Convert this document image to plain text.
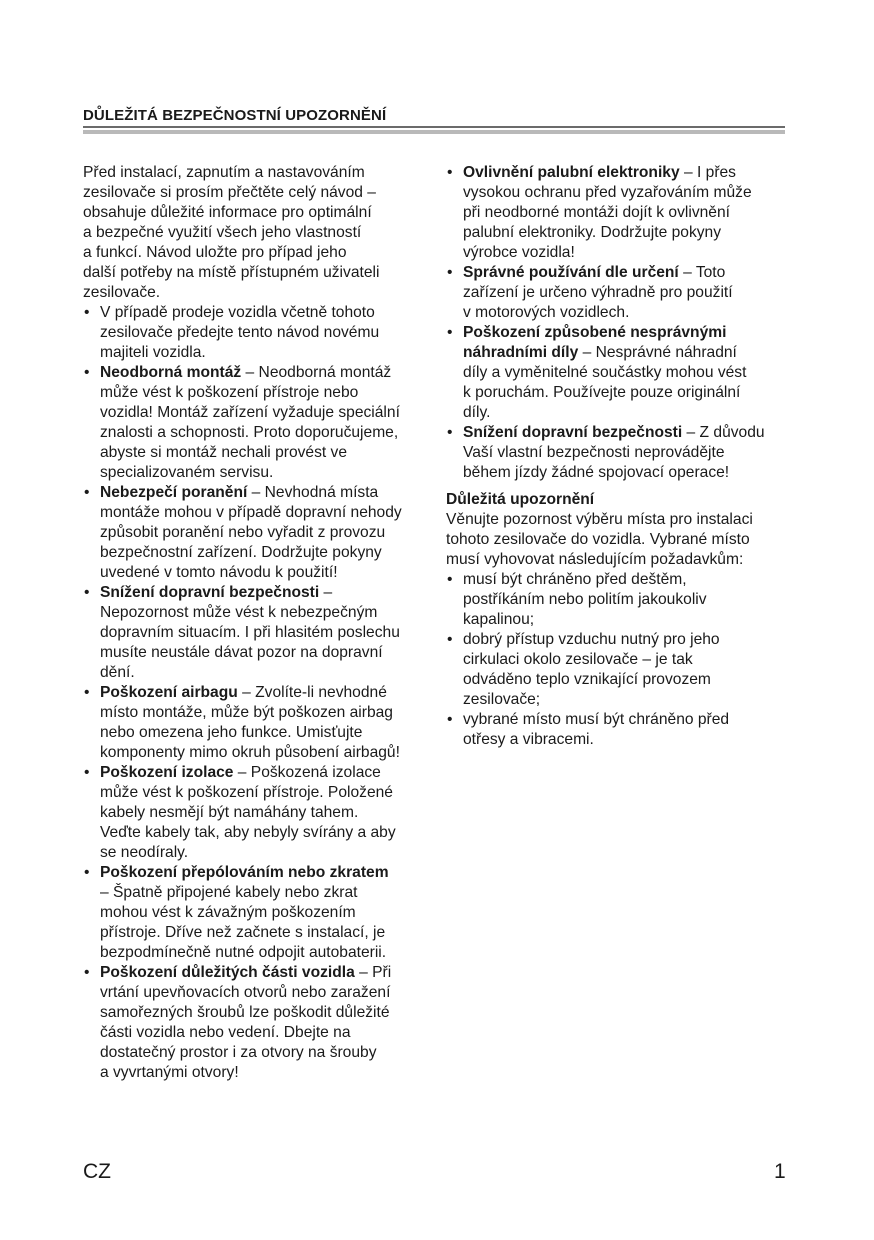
DŮLEŽITÁ BEZPEČNOSTNÍ UPOZORNĚNÍ

Před instalací, zapnutím a nastavováním
zesilovače si prosím přečtěte celý návod –
obsahuje důležité informace pro optimální
a bezpečné využití všech jeho vlastností
a funkcí. Návod uložte pro případ jeho
další potřeby na místě přístupném uživateli
zesilovače.

• V případě prodeje vozidla včetně tohoto
zesilovače předejte tento návod novému
majiteli vozidla.
• Neodborná montáž – Neodborná montáž
může vést k poškození přístroje nebo
vozidla! Montáž zařízení vyžaduje speciální
znalosti a schopnosti. Proto doporučujeme,
abyste si montáž nechali provést ve
specializovaném servisu.
• Nebezpečí poranění – Nevhodná místa
montáže mohou v případě dopravní nehody
způsobit poranění nebo vyřadit z provozu
bezpečnostní zařízení. Dodržujte pokyny
uvedené v tomto návodu k použití!
• Snížení dopravní bezpečnosti –
Nepozornost může vést k nebezpečným
dopravním situacím. I při hlasitém poslechu
musíte neustále dávat pozor na dopravní
dění.
• Poškození airbagu – Zvolíte-li nevhodné
místo montáže, může být poškozen airbag
nebo omezena jeho funkce. Umisťujte
komponenty mimo okruh působení airbagů!
• Poškození izolace – Poškozená izolace
může vést k poškození přístroje. Položené
kabely nesmějí být namáhány tahem.
Veďte kabely tak, aby nebyly svírány a aby
se neodíraly.
• Poškození přepólováním nebo zkratem
– Špatně připojené kabely nebo zkrat
mohou vést k závažným poškozením
přístroje. Dříve než začnete s instalací, je
bezpodmínečně nutné odpojit autobaterii.
• Poškození důležitých části vozidla – Při
vrtání upevňovacích otvorů nebo zaražení
samořezných šroubů lze poškodit důležité
části vozidla nebo vedení. Dbejte na
dostatečný prostor i za otvory na šrouby
a vyvrtanými otvory!
• Ovlivnění palubní elektroniky – I přes
vysokou ochranu před vyzařováním může
při neodborné montáži dojít k ovlivnění
palubní elektroniky. Dodržujte pokyny
výrobce vozidla!
• Správné používání dle určení – Toto
zařízení je určeno výhradně pro použití
v motorových vozidlech.
• Poškození způsobené nesprávnými
náhradními díly – Nesprávné náhradní
díly a vyměnitelné součástky mohou vést
k poruchám. Používejte pouze originální
díly.
• Snížení dopravní bezpečnosti – Z důvodu
Vaší vlastní bezpečnosti neprovádějte
během jízdy žádné spojovací operace!

Důležitá upozornění

Věnujte pozornost výběru místa pro instalaci
tohoto zesilovače do vozidla. Vybrané místo
musí vyhovovat následujícím požadavkům:

• musí být chráněno před deštěm,
postříkáním nebo politím jakoukoliv
kapalinou;
• dobrý přístup vzduchu nutný pro jeho
cirkulaci okolo zesilovače – je tak
odváděno teplo vznikající provozem
zesilovače;
• vybrané místo musí být chráněno před
otřesy a vibracemi.
CZ	1
